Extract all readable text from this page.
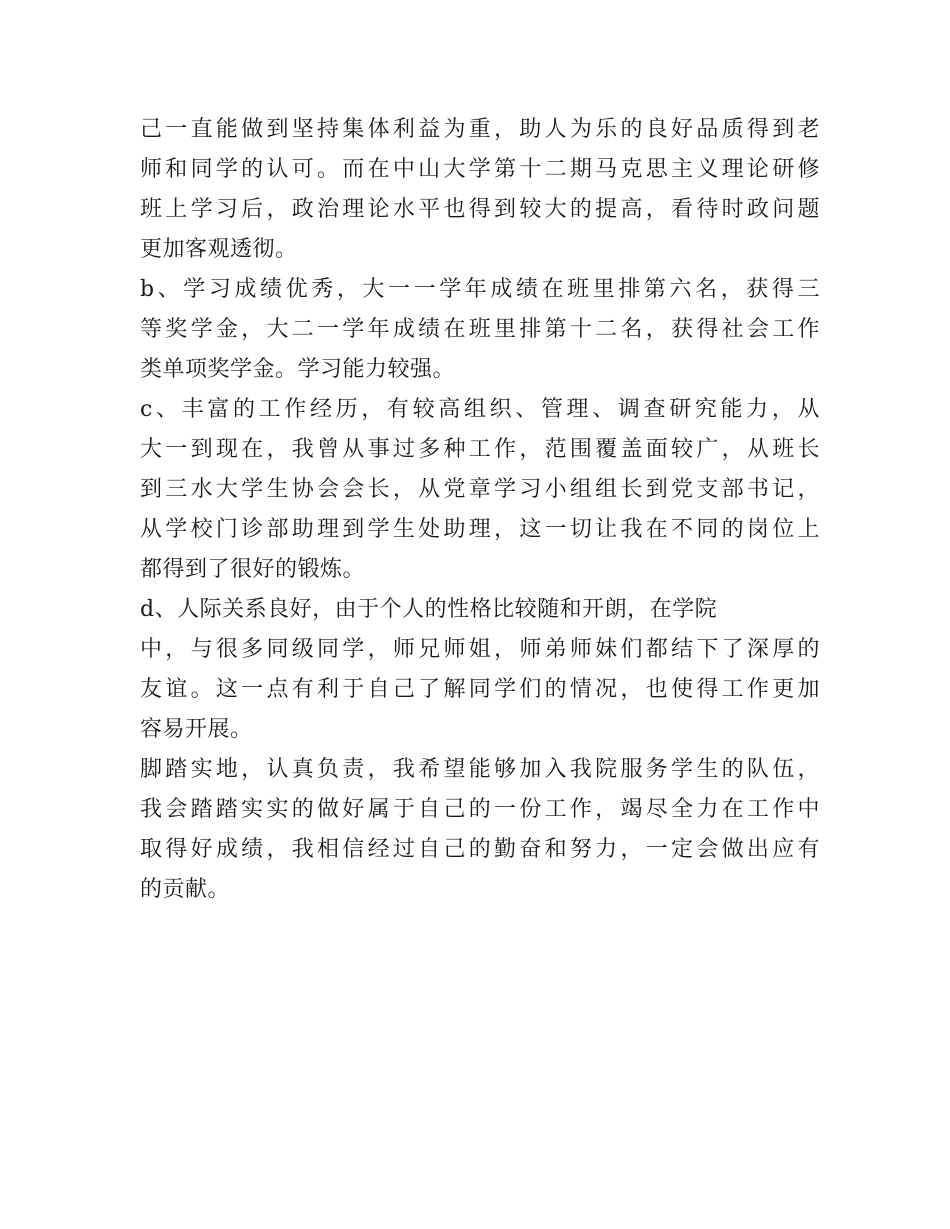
己一直能做到坚持集体利益为重，助人为乐的良好品质得到老
师和同学的认可。而在中山大学第十二期马克思主义理论研修
班上学习后，政治理论水平也得到较大的提高，看待时政问题
更加客观透彻。
b、学习成绩优秀，大一一学年成绩在班里排第六名，获得三
等奖学金，大二一学年成绩在班里排第十二名，获得社会工作
类单项奖学金。学习能力较强。
c、丰富的工作经历，有较高组织、管理、调查研究能力，从
大一到现在，我曾从事过多种工作，范围覆盖面较广，从班长
到三水大学生协会会长，从党章学习小组组长到党支部书记，
从学校门诊部助理到学生处助理，这一切让我在不同的岗位上
都得到了很好的锻炼。
d、人际关系良好，由于个人的性格比较随和开朗，在学院
中，与很多同级同学，师兄师姐，师弟师妹们都结下了深厚的
友谊。这一点有利于自己了解同学们的情况，也使得工作更加
容易开展。
脚踏实地，认真负责，我希望能够加入我院服务学生的队伍，
我会踏踏实实的做好属于自己的一份工作，竭尽全力在工作中
取得好成绩，我相信经过自己的勤奋和努力，一定会做出应有
的贡献。
